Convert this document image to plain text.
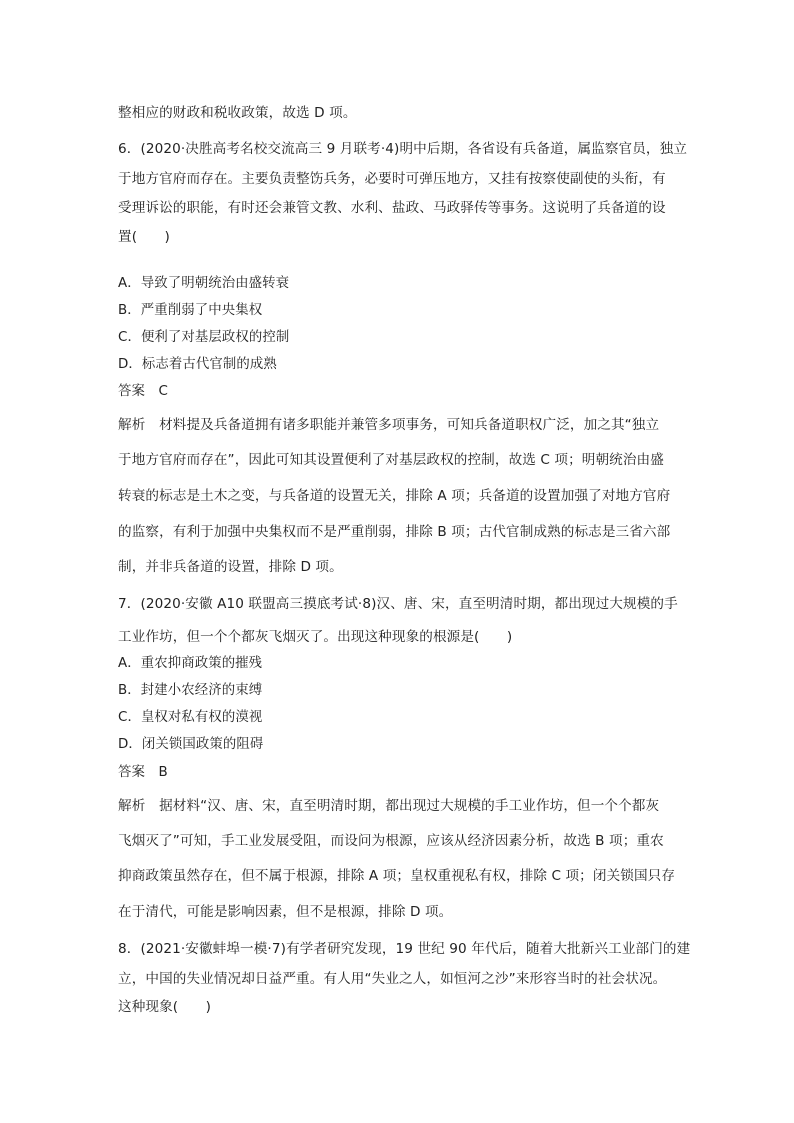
整相应的财政和税收政策，故选 D 项。
6．(2020·决胜高考名校交流高三 9 月联考·4)明中后期，各省设有兵备道，属监察官员，独立
于地方官府而存在。主要负责整饬兵务，必要时可弹压地方，又挂有按察使副使的头衔，有
受理诉讼的职能，有时还会兼管文教、水利、盐政、马政驿传等事务。这说明了兵备道的设
置(　　)
A．导致了明朝统治由盛转衰
B．严重削弱了中央集权
C．便利了对基层政权的控制
D．标志着古代官制的成熟
答案　C
解析　材料提及兵备道拥有诸多职能并兼管多项事务，可知兵备道职权广泛，加之其“独立
于地方官府而存在”，因此可知其设置便利了对基层政权的控制，故选 C 项；明朝统治由盛
转衰的标志是土木之变，与兵备道的设置无关，排除 A 项；兵备道的设置加强了对地方官府
的监察，有利于加强中央集权而不是严重削弱，排除 B 项；古代官制成熟的标志是三省六部
制，并非兵备道的设置，排除 D 项。
7．(2020·安徽 A10 联盟高三摸底考试·8)汉、唐、宋，直至明清时期，都出现过大规模的手
工业作坊，但一个个都灰飞烟灭了。出现这种现象的根源是(　　)
A．重农抑商政策的摧残
B．封建小农经济的束缚
C．皇权对私有权的漠视
D．闭关锁国政策的阻碍
答案　B
解析　据材料“汉、唐、宋，直至明清时期，都出现过大规模的手工业作坊，但一个个都灰
飞烟灭了”可知，手工业发展受阻，而设问为根源，应该从经济因素分析，故选 B 项；重农
抑商政策虽然存在，但不属于根源，排除 A 项；皇权重视私有权，排除 C 项；闭关锁国只存
在于清代，可能是影响因素，但不是根源，排除 D 项。
8．(2021·安徽蚌埠一模·7)有学者研究发现，19 世纪 90 年代后，随着大批新兴工业部门的建
立，中国的失业情况却日益严重。有人用“失业之人，如恒河之沙”来形容当时的社会状况。
这种现象(　　)
